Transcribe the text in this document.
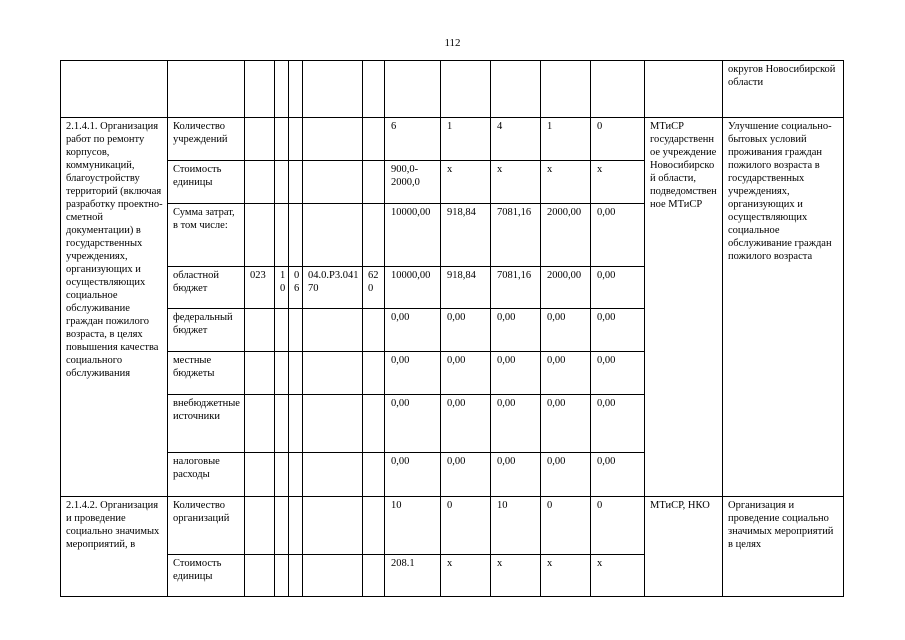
112
													округов Новосибирской области
2.1.4.1. Организация работ по ремонту корпусов, коммуникаций, благоустройству территорий (включая разработку проектно-сметной документации) в государственных учреждениях, организующих и осуществляющих социальное обслуживание граждан пожилого возраста, в целях повышения качества социального обслуживания	Количество учреждений						6	1	4	1	0	МТиСР государственное учреждение Новосибирской области, подведомственное МТиСР	Улучшение социально-бытовых условий проживания граждан пожилого возраста в государственных учреждениях, организующих и осуществляющих социальное обслуживание граждан пожилого возраста
	Стоимость единицы						900,0-2000,0	x	x	x	x		
	Сумма затрат, в том числе:						10000,00	918,84	7081,16	2000,00	0,00		
	областной бюджет	023	10	06	04.0.P3.04170	620	10000,00	918,84	7081,16	2000,00	0,00		
	федеральный бюджет						0,00	0,00	0,00	0,00	0,00		
	местные бюджеты						0,00	0,00	0,00	0,00	0,00		
	внебюджетные источники						0,00	0,00	0,00	0,00	0,00		
	налоговые расходы						0,00	0,00	0,00	0,00	0,00		
2.1.4.2. Организация и проведение социально значимых мероприятий, в	Количество организаций						10	0	10	0	0	МТиСР, НКО	Организация и проведение социально значимых мероприятий в целях
	Стоимость единицы						208.1	x	x	x	x		
